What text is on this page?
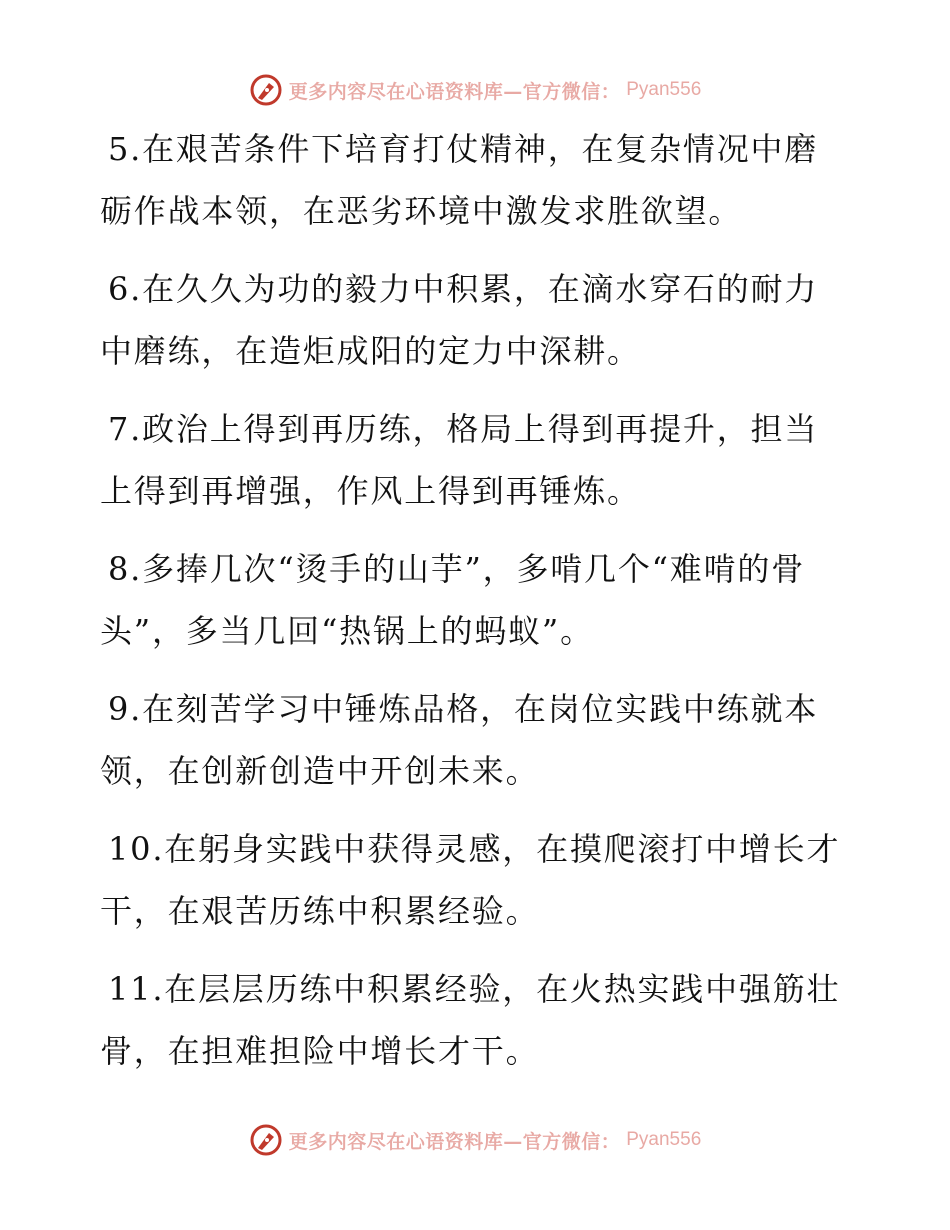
更多内容尽在心语资料库—官方微信： Pyan556

5.在艰苦条件下培育打仗精神，在复杂情况中磨砺作战本领，在恶劣环境中激发求胜欲望。

6.在久久为功的毅力中积累，在滴水穿石的耐力中磨练，在造炬成阳的定力中深耕。

7.政治上得到再历练，格局上得到再提升，担当上得到再增强，作风上得到再锤炼。

8.多捧几次“烫手的山芋”，多啃几个“难啃的骨头”，多当几回“热锅上的蚂蚁”。

9.在刻苦学习中锤炼品格，在岗位实践中练就本领，在创新创造中开创未来。

10.在躬身实践中获得灵感，在摸爬滚打中增长才干，在艰苦历练中积累经验。

11.在层层历练中积累经验，在火热实践中强筋壮骨，在担难担险中增长才干。

更多内容尽在心语资料库—官方微信： Pyan556
